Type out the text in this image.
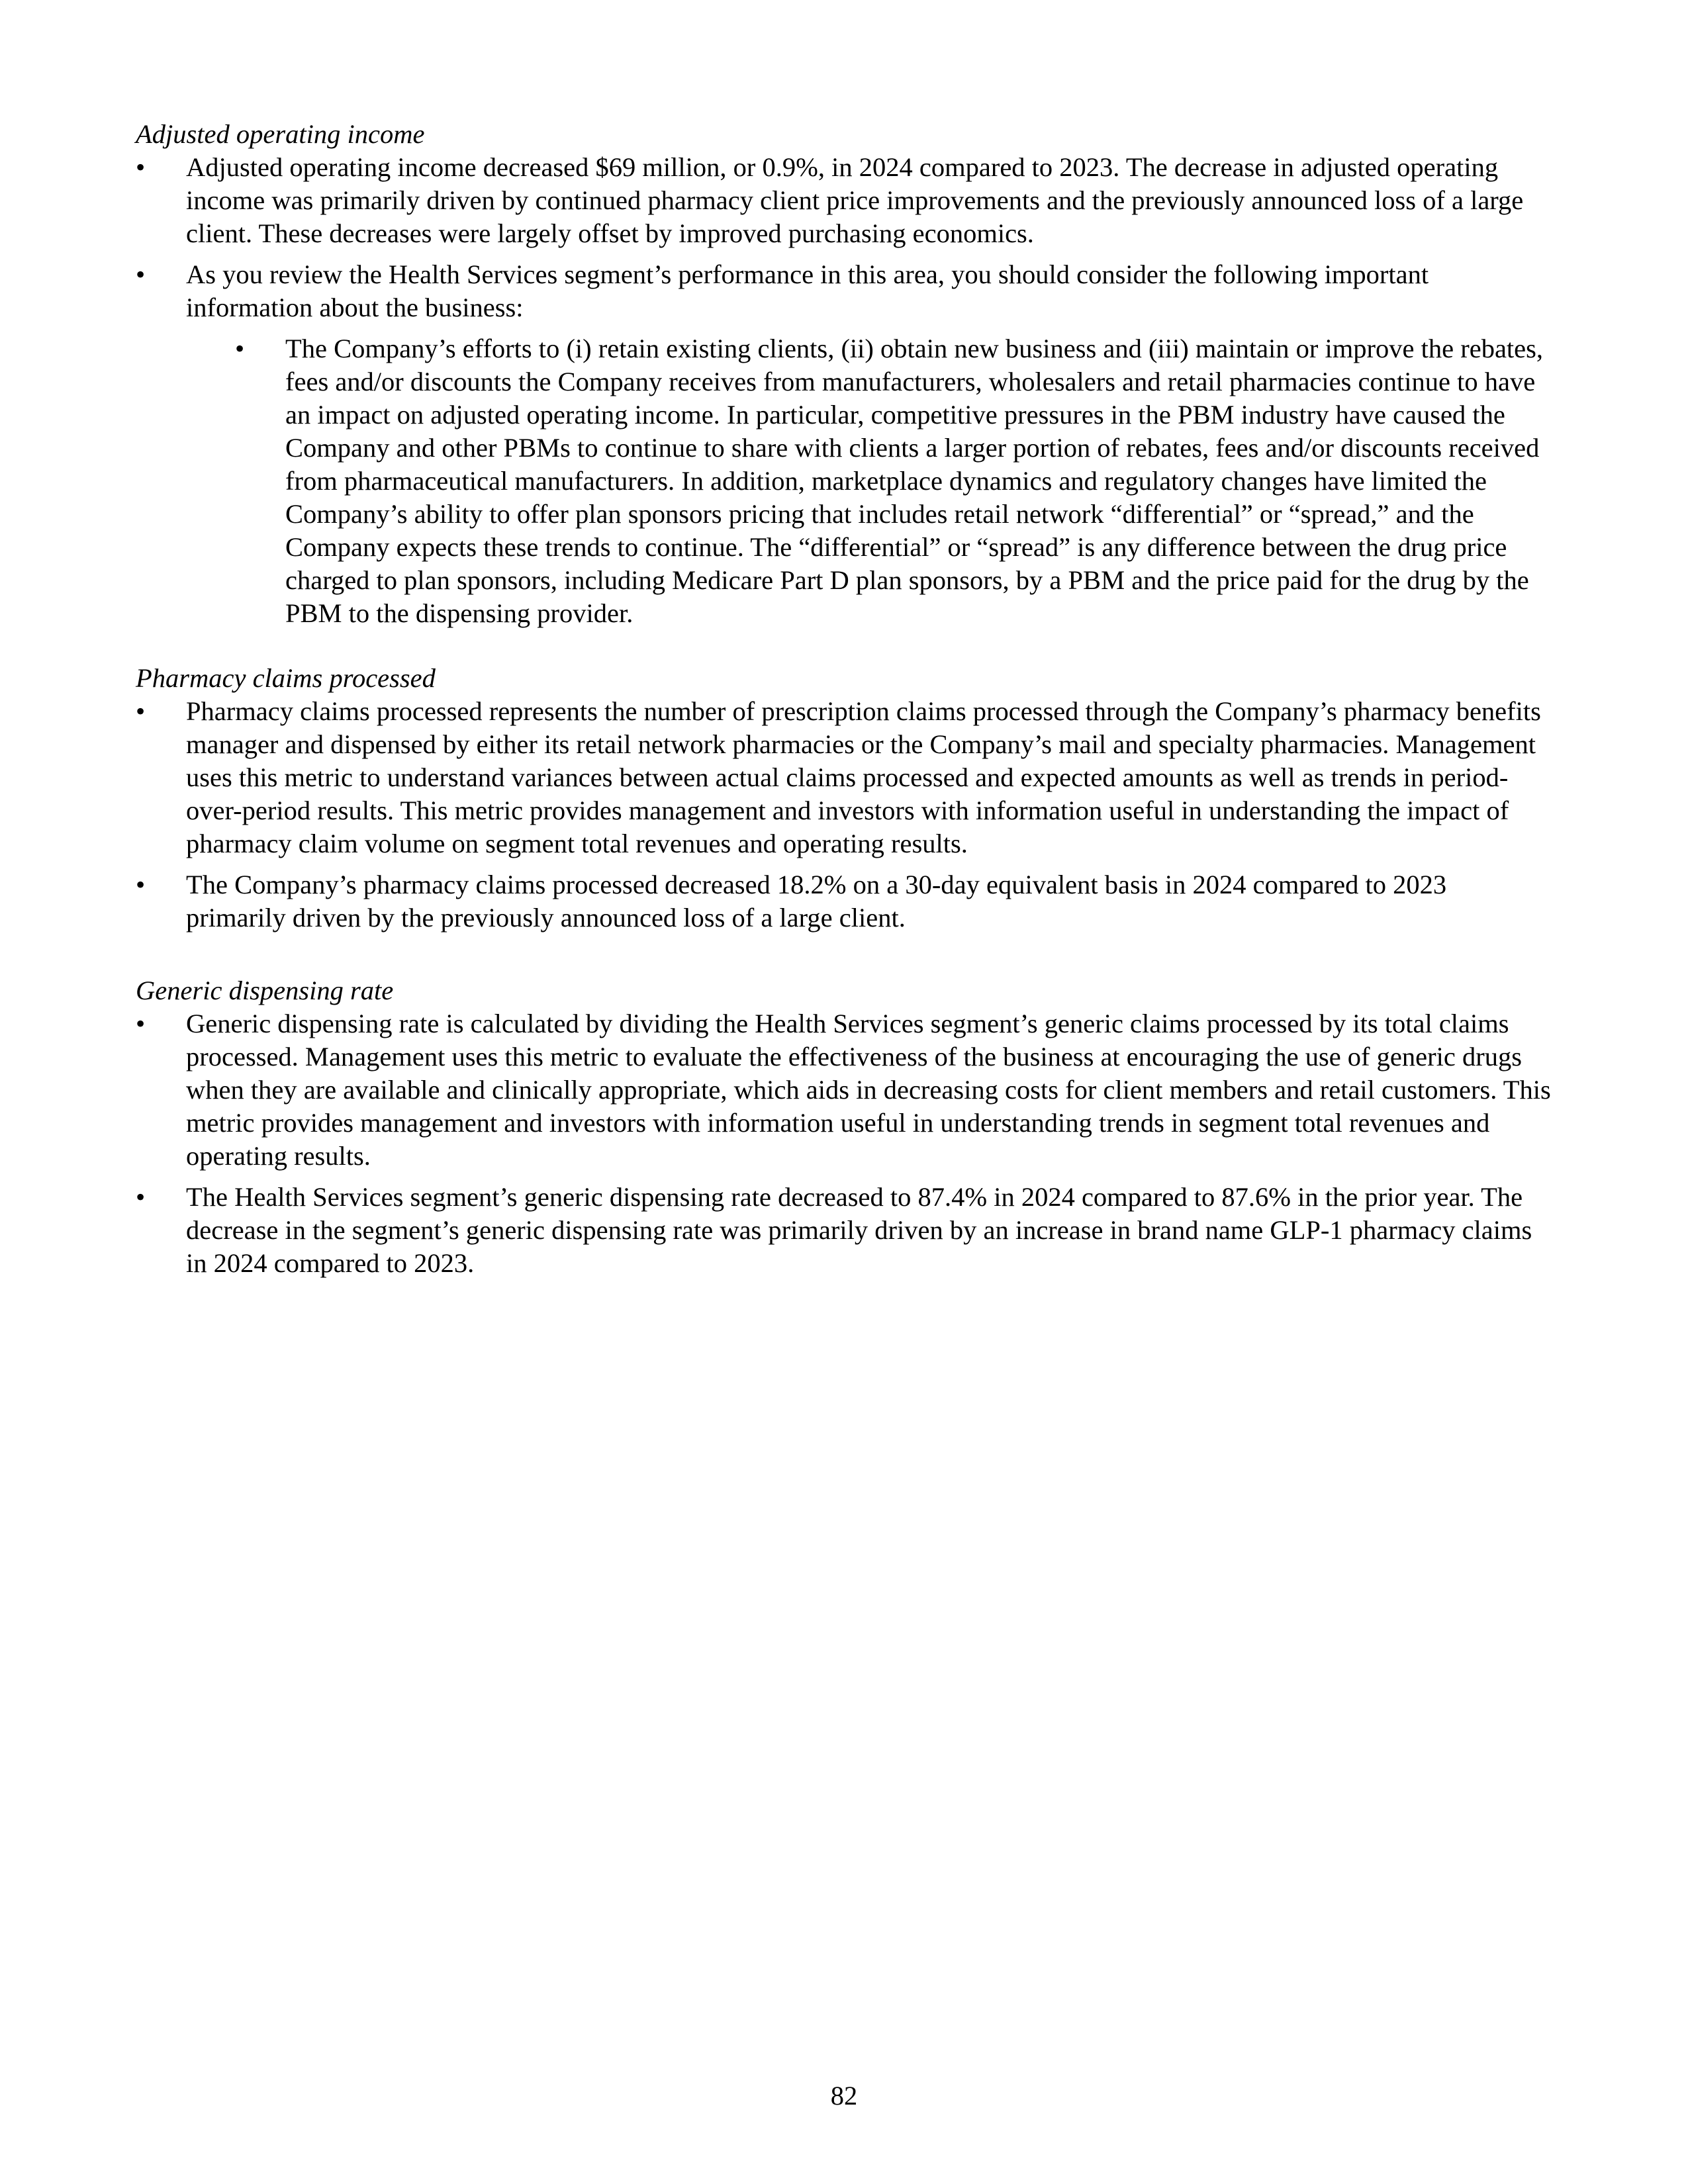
Adjusted operating income

• Adjusted operating income decreased $69 million, or 0.9%, in 2024 compared to 2023. The decrease in adjusted operating income was primarily driven by continued pharmacy client price improvements and the previously announced loss of a large client. These decreases were largely offset by improved purchasing economics.
• As you review the Health Services segment’s performance in this area, you should consider the following important information about the business:
• The Company’s efforts to (i) retain existing clients, (ii) obtain new business and (iii) maintain or improve the rebates, fees and/or discounts the Company receives from manufacturers, wholesalers and retail pharmacies continue to have an impact on adjusted operating income. In particular, competitive pressures in the PBM industry have caused the Company and other PBMs to continue to share with clients a larger portion of rebates, fees and/or discounts received from pharmaceutical manufacturers. In addition, marketplace dynamics and regulatory changes have limited the Company’s ability to offer plan sponsors pricing that includes retail network “differential” or “spread,” and the Company expects these trends to continue. The “differential” or “spread” is any difference between the drug price charged to plan sponsors, including Medicare Part D plan sponsors, by a PBM and the price paid for the drug by the PBM to the dispensing provider.

Pharmacy claims processed

• Pharmacy claims processed represents the number of prescription claims processed through the Company’s pharmacy benefits manager and dispensed by either its retail network pharmacies or the Company’s mail and specialty pharmacies. Management uses this metric to understand variances between actual claims processed and expected amounts as well as trends in period-over-period results. This metric provides management and investors with information useful in understanding the impact of pharmacy claim volume on segment total revenues and operating results.
• The Company’s pharmacy claims processed decreased 18.2% on a 30-day equivalent basis in 2024 compared to 2023 primarily driven by the previously announced loss of a large client.

Generic dispensing rate

• Generic dispensing rate is calculated by dividing the Health Services segment’s generic claims processed by its total claims processed. Management uses this metric to evaluate the effectiveness of the business at encouraging the use of generic drugs when they are available and clinically appropriate, which aids in decreasing costs for client members and retail customers. This metric provides management and investors with information useful in understanding trends in segment total revenues and operating results.
• The Health Services segment’s generic dispensing rate decreased to 87.4% in 2024 compared to 87.6% in the prior year. The decrease in the segment’s generic dispensing rate was primarily driven by an increase in brand name GLP-1 pharmacy claims in 2024 compared to 2023.
82
